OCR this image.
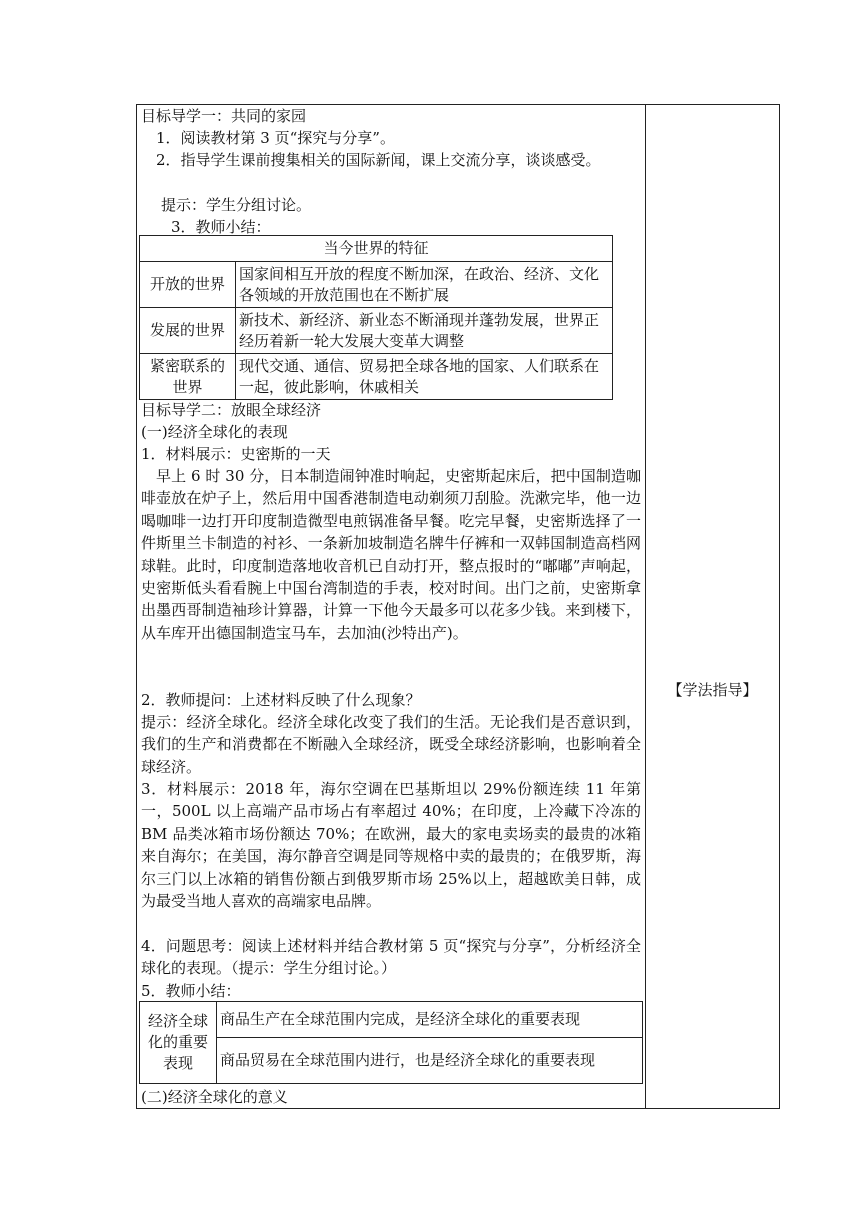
目标导学一：共同的家园
1．阅读教材第 3 页“探究与分享”。
2．指导学生课前搜集相关的国际新闻，课上交流分享，谈谈感受。
提示：学生分组讨论。
3．教师小结：
当今世界的特征	
开放的世界	国家间相互开放的程度不断加深，在政治、经济、文化各领域的开放范围也在不断扩展
发展的世界	新技术、新经济、新业态不断涌现并蓬勃发展，世界正经历着新一轮大发展大变革大调整
紧密联系的世界	现代交通、通信、贸易把全球各地的国家、人们联系在一起，彼此影响，休戚相关
目标导学二：放眼全球经济
(一)经济全球化的表现
1．材料展示：史密斯的一天
早上 6 时 30 分，日本制造闹钟准时响起，史密斯起床后，把中国制造咖啡壶放在炉子上，然后用中国香港制造电动剃须刀刮脸。洗漱完毕，他一边喝咖啡一边打开印度制造微型电煎锅准备早餐。吃完早餐，史密斯选择了一件斯里兰卡制造的衬衫、一条新加坡制造名牌牛仔裤和一双韩国制造高档网球鞋。此时，印度制造落地收音机已自动打开，整点报时的“嘟嘟”声响起，史密斯低头看看腕上中国台湾制造的手表，校对时间。出门之前，史密斯拿出墨西哥制造袖珍计算器，计算一下他今天最多可以花多少钱。来到楼下，从车库开出德国制造宝马车，去加油(沙特出产)。
2．教师提问：上述材料反映了什么现象？
提示：经济全球化。经济全球化改变了我们的生活。无论我们是否意识到，我们的生产和消费都在不断融入全球经济，既受全球经济影响，也影响着全球经济。
3．材料展示：2018 年，海尔空调在巴基斯坦以 29%份额连续 11 年第一，500L 以上高端产品市场占有率超过 40%；在印度，上冷藏下冷冻的 BM 品类冰箱市场份额达 70%；在欧洲，最大的家电卖场卖的最贵的冰箱来自海尔；在美国，海尔静音空调是同等规格中卖的最贵的；在俄罗斯，海尔三门以上冰箱的销售份额占到俄罗斯市场 25%以上，超越欧美日韩，成为最受当地人喜欢的高端家电品牌。
4．问题思考：阅读上述材料并结合教材第 5 页“探究与分享”，分析经济全球化的表现。（提示：学生分组讨论。）
5．教师小结：
经济全球化的重要表现	商品生产在全球范围内完成，是经济全球化的重要表现
商品贸易在全球范围内进行，也是经济全球化的重要表现
(二)经济全球化的意义
【学法指导】
